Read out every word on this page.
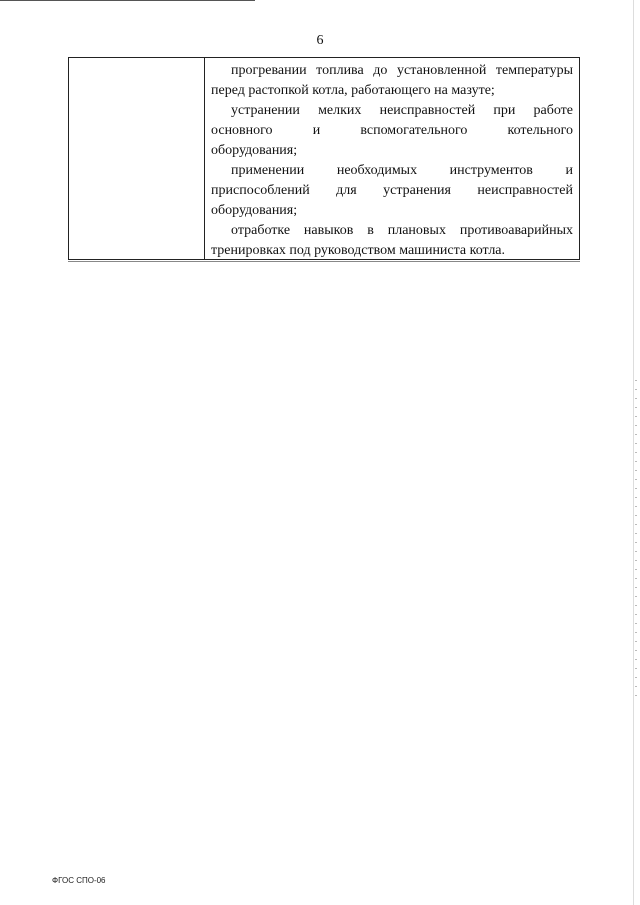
6

прогревании топлива до установленной температуры
перед растопкой котла, работающего на мазуте;

устранении мелких неисправностей при работе
основного и вспомогательного котельного
оборудования;

применении необходимых инструментов и
приспособлений для устранения неисправностей
оборудования;

отработке навыков в плановых противоаварийных
тренировках под руководством машиниста котла.

ФГОС СПО-06
